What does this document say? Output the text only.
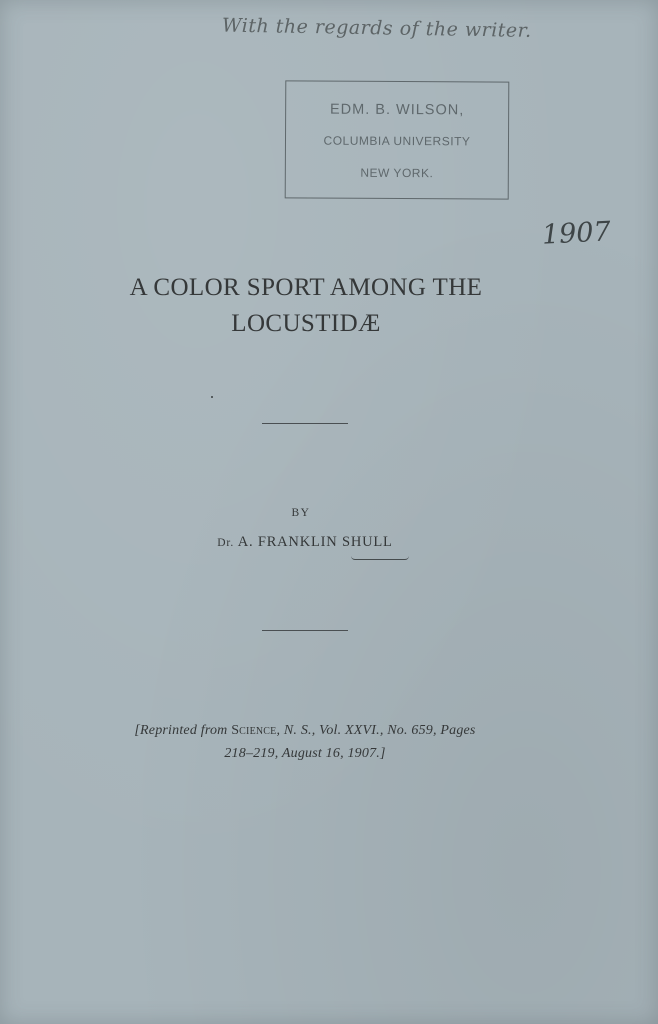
With the regards of the writer.
EDM. B. WILSON,
COLUMBIA UNIVERSITY
NEW YORK.
1907
A COLOR SPORT AMONG THE
LOCUSTIDÆ
BY
Dr. A. FRANKLIN SHULL
[Reprinted from Science, N. S., Vol. XXVI., No. 659, Pages
218–219, August 16, 1907.]
